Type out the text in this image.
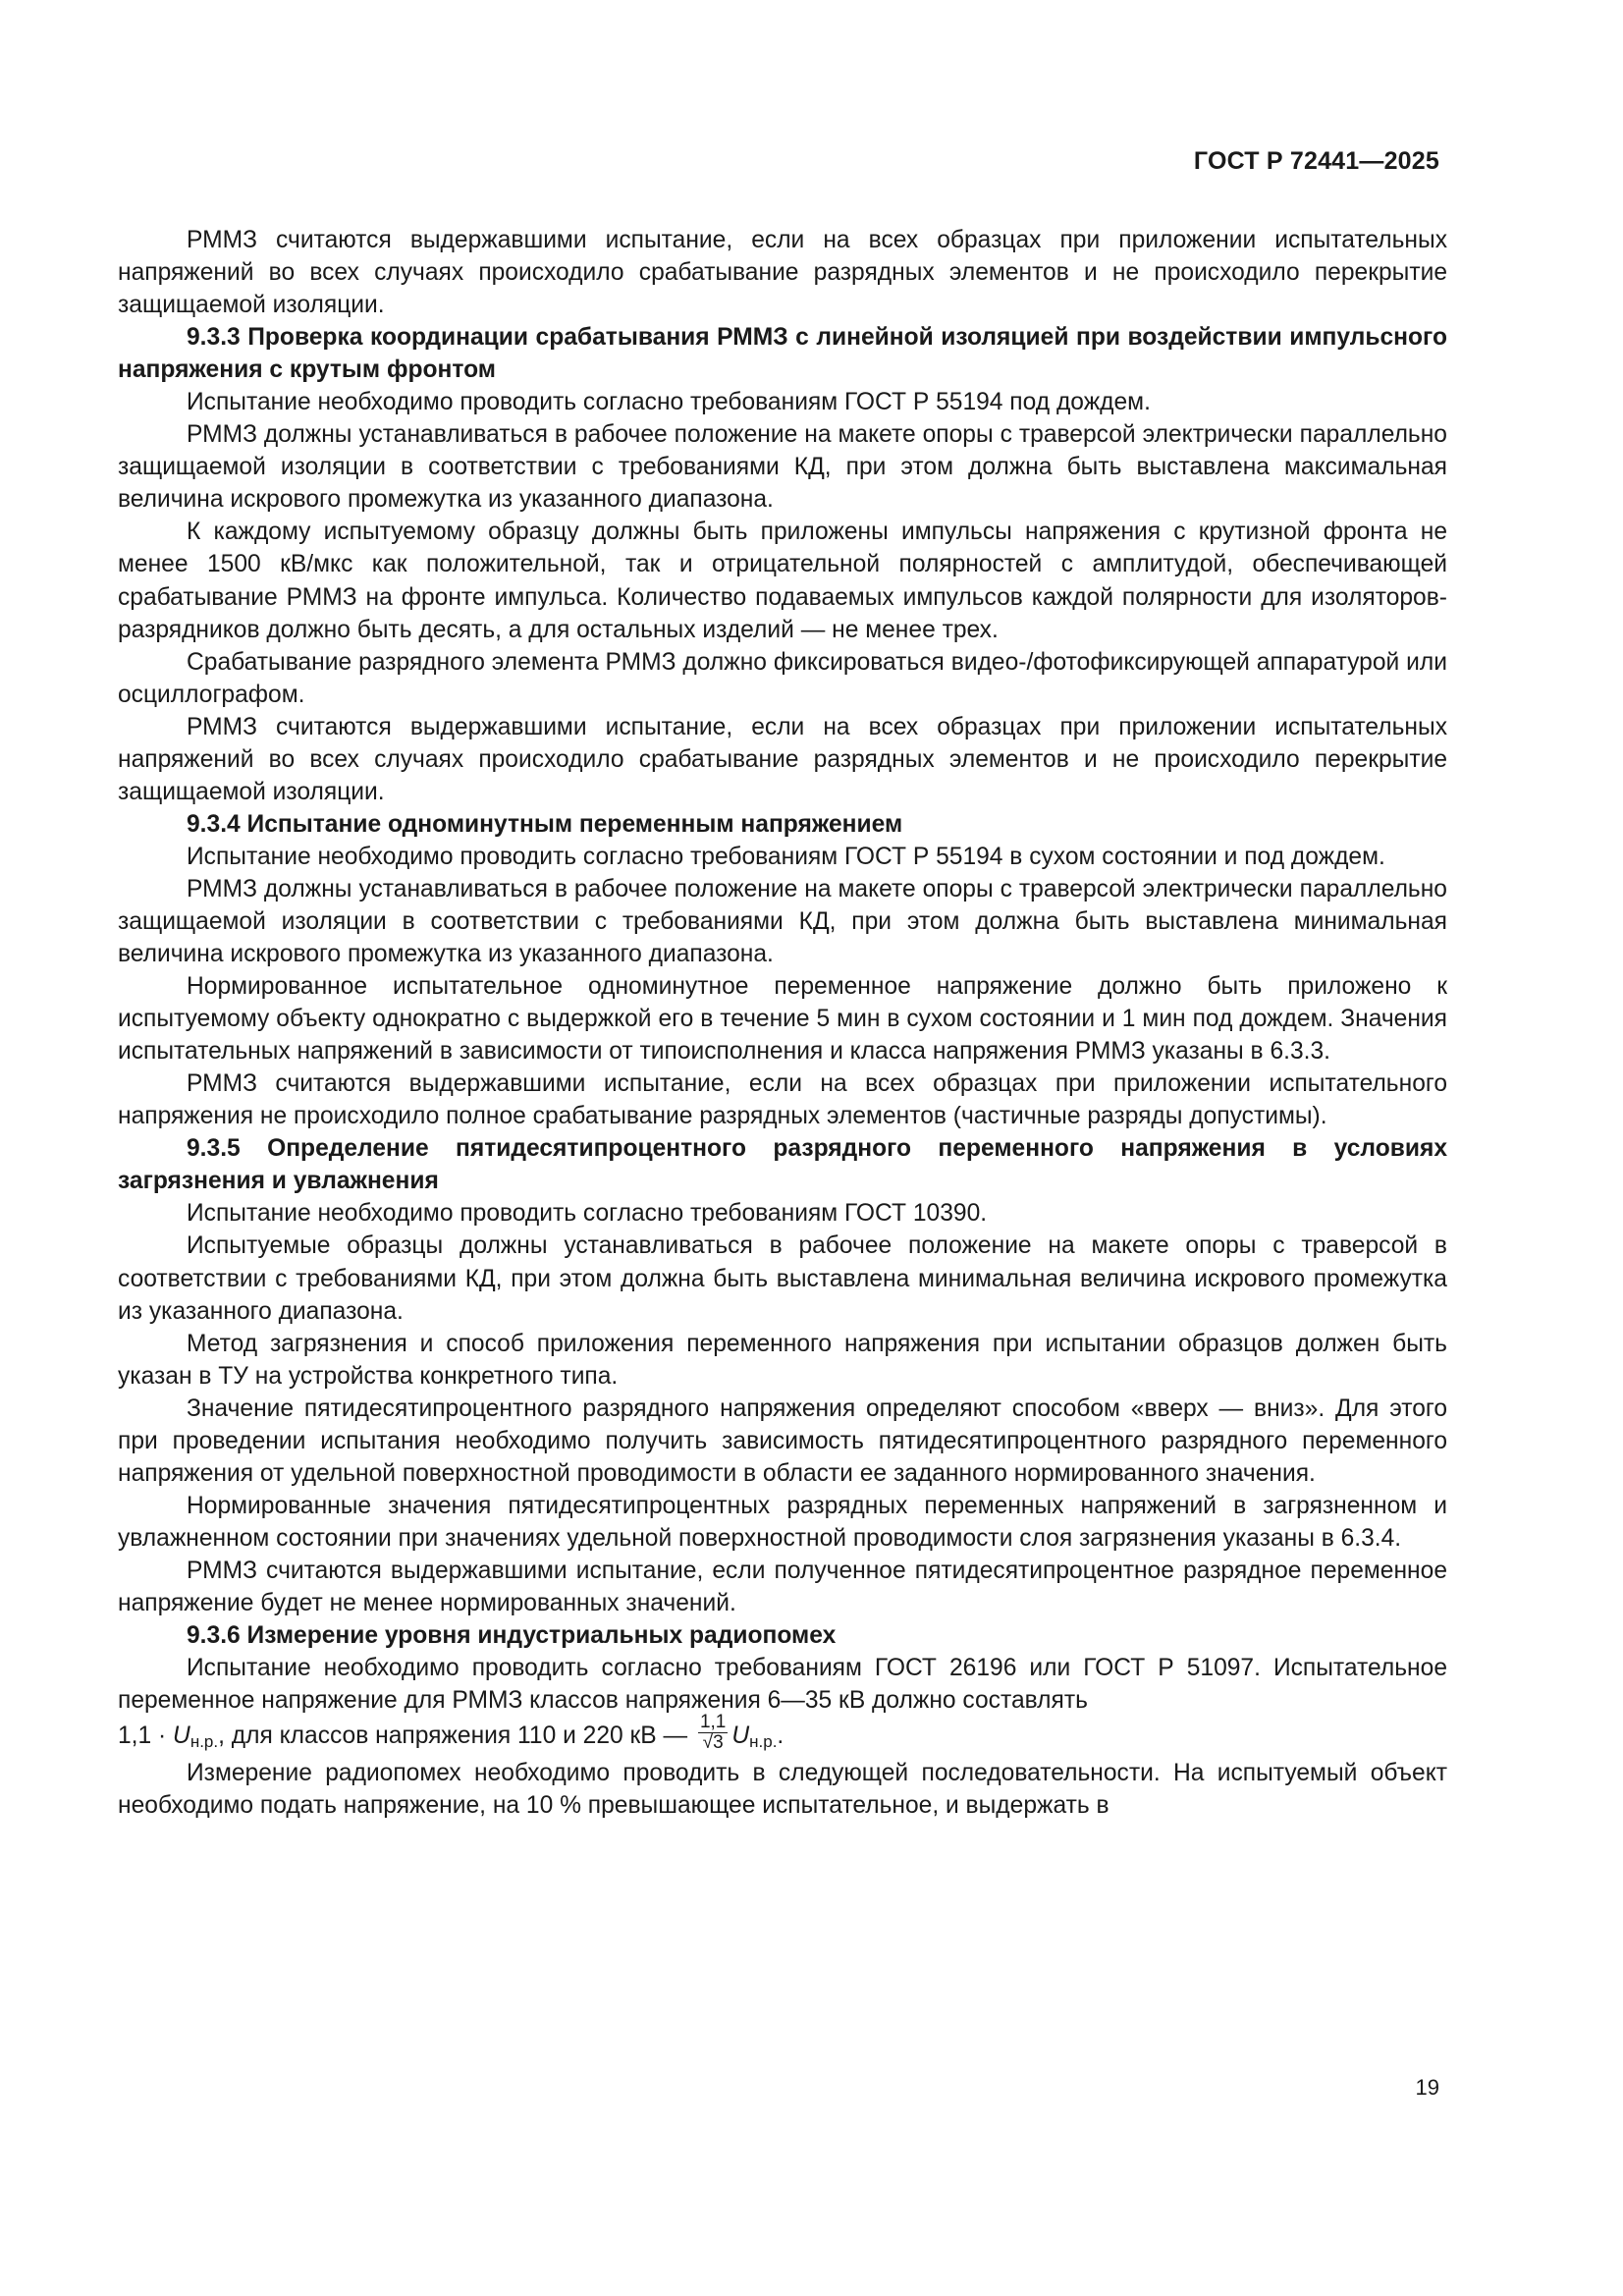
ГОСТ Р 72441—2025

РММЗ считаются выдержавшими испытание, если на всех образцах при приложении испытательных напряжений во всех случаях происходило срабатывание разрядных элементов и не происходило перекрытие защищаемой изоляции.

9.3.3 Проверка координации срабатывания РММЗ с линейной изоляцией при воздействии импульсного напряжения с крутым фронтом

Испытание необходимо проводить согласно требованиям ГОСТ Р 55194 под дождем.

РММЗ должны устанавливаться в рабочее положение на макете опоры с траверсой электрически параллельно защищаемой изоляции в соответствии с требованиями КД, при этом должна быть выставлена максимальная величина искрового промежутка из указанного диапазона.

К каждому испытуемому образцу должны быть приложены импульсы напряжения с крутизной фронта не менее 1500 кВ/мкс как положительной, так и отрицательной полярностей с амплитудой, обеспечивающей срабатывание РММЗ на фронте импульса. Количество подаваемых импульсов каждой полярности для изоляторов-разрядников должно быть десять, а для остальных изделий — не менее трех.

Срабатывание разрядного элемента РММЗ должно фиксироваться видео-/фотофиксирующей аппаратурой или осциллографом.

РММЗ считаются выдержавшими испытание, если на всех образцах при приложении испытательных напряжений во всех случаях происходило срабатывание разрядных элементов и не происходило перекрытие защищаемой изоляции.

9.3.4 Испытание одноминутным переменным напряжением

Испытание необходимо проводить согласно требованиям ГОСТ Р 55194 в сухом состоянии и под дождем.

РММЗ должны устанавливаться в рабочее положение на макете опоры с траверсой электрически параллельно защищаемой изоляции в соответствии с требованиями КД, при этом должна быть выставлена минимальная величина искрового промежутка из указанного диапазона.

Нормированное испытательное одноминутное переменное напряжение должно быть приложено к испытуемому объекту однократно с выдержкой его в течение 5 мин в сухом состоянии и 1 мин под дождем. Значения испытательных напряжений в зависимости от типоисполнения и класса напряжения РММЗ указаны в 6.3.3.

РММЗ считаются выдержавшими испытание, если на всех образцах при приложении испытательного напряжения не происходило полное срабатывание разрядных элементов (частичные разряды допустимы).

9.3.5 Определение пятидесятипроцентного разрядного переменного напряжения в условиях загрязнения и увлажнения

Испытание необходимо проводить согласно требованиям ГОСТ 10390.

Испытуемые образцы должны устанавливаться в рабочее положение на макете опоры с траверсой в соответствии с требованиями КД, при этом должна быть выставлена минимальная величина искрового промежутка из указанного диапазона.

Метод загрязнения и способ приложения переменного напряжения при испытании образцов должен быть указан в ТУ на устройства конкретного типа.

Значение пятидесятипроцентного разрядного напряжения определяют способом «вверх — вниз». Для этого при проведении испытания необходимо получить зависимость пятидесятипроцентного разрядного переменного напряжения от удельной поверхностной проводимости в области ее заданного нормированного значения.

Нормированные значения пятидесятипроцентных разрядных переменных напряжений в загрязненном и увлажненном состоянии при значениях удельной поверхностной проводимости слоя загрязнения указаны в 6.3.4.

РММЗ считаются выдержавшими испытание, если полученное пятидесятипроцентное разрядное переменное напряжение будет не менее нормированных значений.

9.3.6 Измерение уровня индустриальных радиопомех

Испытание необходимо проводить согласно требованиям ГОСТ 26196 или ГОСТ Р 51097. Испытательное переменное напряжение для РММЗ классов напряжения 6—35 кВ должно составлять

$1,1 \cdot U_{н.р.}$, для классов напряжения 110 и 220 кВ — $\frac{1,1}{√3} U_{н.р.}$.

Измерение радиопомех необходимо проводить в следующей последовательности. На испытуемый объект необходимо подать напряжение, на 10 % превышающее испытательное, и выдержать в

19
